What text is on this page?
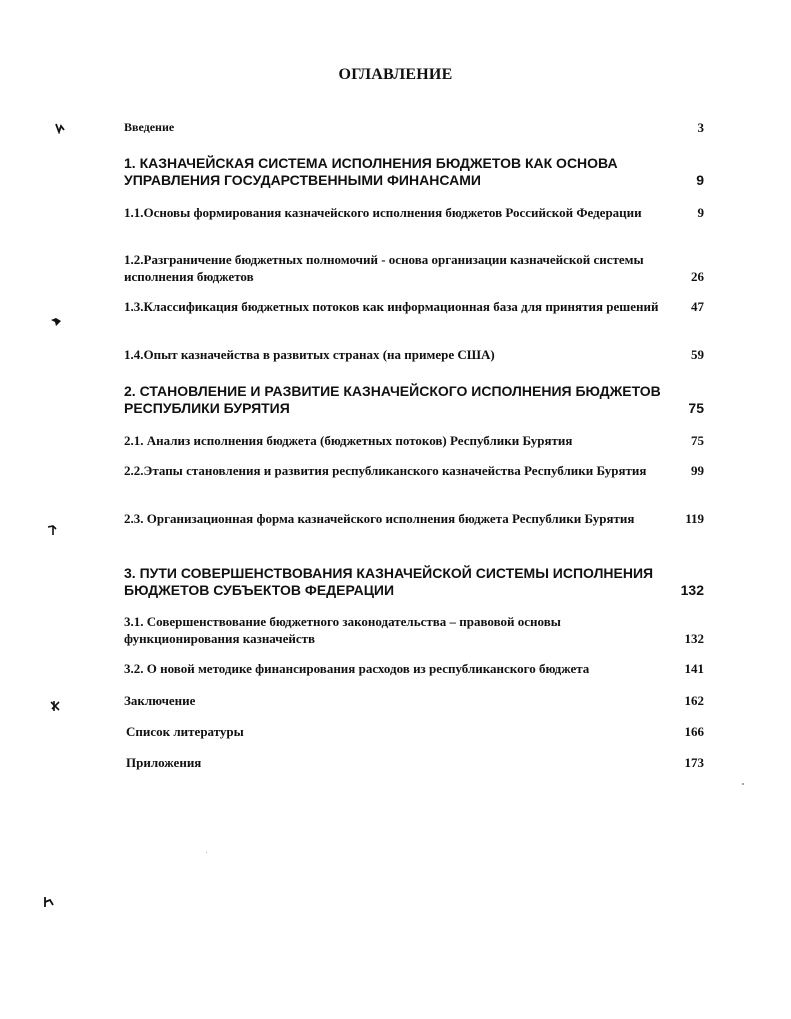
ОГЛАВЛЕНИЕ
Введение	3
1. КАЗНАЧЕЙСКАЯ СИСТЕМА ИСПОЛНЕНИЯ БЮДЖЕТОВ КАК ОСНОВА УПРАВЛЕНИЯ ГОСУДАРСТВЕННЫМИ ФИНАНСАМИ	9
1.1.Основы формирования казначейского исполнения бюджетов Российской Федерации	9
1.2.Разграничение бюджетных полномочий - основа организации казначейской системы исполнения бюджетов	26
1.3.Классификация бюджетных потоков как информационная база для принятия решений	47
1.4.Опыт казначейства в развитых странах (на примере США)	59
2. СТАНОВЛЕНИЕ И РАЗВИТИЕ КАЗНАЧЕЙСКОГО ИСПОЛНЕНИЯ БЮДЖЕТОВ РЕСПУБЛИКИ БУРЯТИЯ	75
2.1. Анализ исполнения бюджета (бюджетных потоков) Республики Бурятия	75
2.2.Этапы становления и развития республиканского казначейства Республики Бурятия	99
2.3. Организационная форма казначейского исполнения бюджета Республики Бурятия	119
3. ПУТИ СОВЕРШЕНСТВОВАНИЯ КАЗНАЧЕЙСКОЙ СИСТЕМЫ ИСПОЛНЕНИЯ БЮДЖЕТОВ СУБЪЕКТОВ ФЕДЕРАЦИИ	132
3.1. Совершенствование бюджетного законодательства – правовой основы функционирования казначейств	132
3.2. О новой методике финансирования расходов из республиканского бюджета	141
Заключение	162
Список литературы	166
Приложения	173
